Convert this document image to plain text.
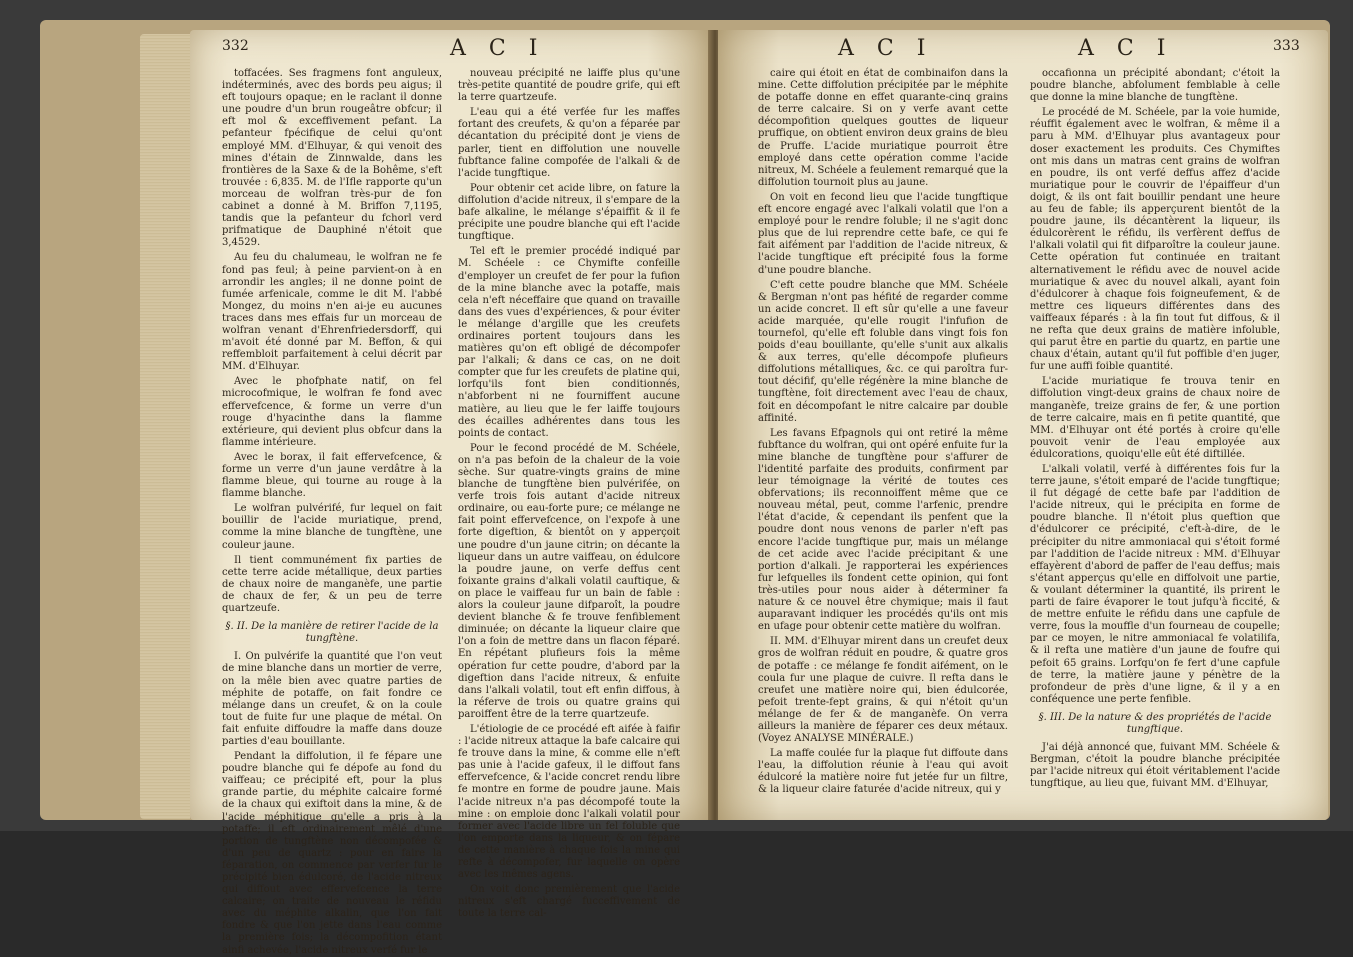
332	A C I

toffacées. Ses fragmens font anguleux, indéterminés, avec des bords peu aigus; il eft toujours opaque; en le raclant il donne une poudre d'un brun rougeâtre obfcur; il eft mol & exceffivement pefant. La pefanteur fpécifique de celui qu'ont employé MM. d'Elhuyar, & qui venoit des mines d'étain de Zinnwalde, dans les frontières de la Saxe & de la Bohême, s'eft trouvée : 6,835. M. de l'Ifle rapporte qu'un morceau de wolfran très-pur de fon cabinet a donné à M. Briffon 7,1195, tandis que la pefanteur du fchorl verd prifmatique de Dauphiné n'étoit que 3,4529.

Au feu du chalumeau, le wolfran ne fe fond pas feul; à peine parvient-on à en arrondir les angles; il ne donne point de fumée arfenicale, comme le dit M. l'abbé Mongez, du moins n'en ai-je eu aucunes traces dans mes effais fur un morceau de wolfran venant d'Ehrenfriedersdorff, qui m'avoit été donné par M. Beffon, & qui reffembloit parfaitement à celui décrit par MM. d'Elhuyar.

Avec le phofphate natif, on fel microcofmique, le wolfran fe fond avec effervefcence, & forme un verre d'un rouge d'hyacinthe dans la flamme extérieure, qui devient plus obfcur dans la flamme intérieure.

Avec le borax, il fait effervefcence, & forme un verre d'un jaune verdâtre à la flamme bleue, qui tourne au rouge à la flamme blanche.

Le wolfran pulvérifé, fur lequel on fait bouillir de l'acide muriatique, prend, comme la mine blanche de tungftène, une couleur jaune.

Il tient communément fix parties de cette terre acide métallique, deux parties de chaux noire de manganèfe, une partie de chaux de fer, & un peu de terre quartzeufe.

§. II. De la manière de retirer l'acide de la tungftène.

I. On pulvérife la quantité que l'on veut de mine blanche dans un mortier de verre, on la mêle bien avec quatre parties de méphite de potaffe, on fait fondre ce mélange dans un creufet, & on la coule tout de fuite fur une plaque de métal. On fait enfuite diffoudre la maffe dans douze parties d'eau bouillante.

Pendant la diffolution, il fe fépare une poudre blanche qui fe dépofe au fond du vaiffeau; ce précipité eft, pour la plus grande partie, du méphite calcaire formé de la chaux qui exiftoit dans la mine, & de l'acide méphitique qu'elle a pris à la potaffe; il eft ordinairement mêlé d'une portion de tungftène non décompofée & d'un peu de quartz : pour en faire la féparation, on commence par verfer fur le précipité bien édulcoré, de l'acide nitreux qui diffout avec effervefcence la terre calcaire; on traite de nouveau le réfidu avec du méphite alkalin, que l'on fait fondre & que l'on jette dans l'eau comme la première fois; la décompofition étant ainfi achevée, l'acide nitreux verfé fur le

nouveau précipité ne laiffe plus qu'une très-petite quantité de poudre grife, qui eft la terre quartzeufe.

L'eau qui a été verfée fur les maffes fortant des creufets, & qu'on a féparée par décantation du précipité dont je viens de parler, tient en diffolution une nouvelle fubftance faline compofée de l'alkali & de l'acide tungftique.

Pour obtenir cet acide libre, on fature la diffolution d'acide nitreux, il s'empare de la bafe alkaline, le mélange s'épaiffit & il fe précipite une poudre blanche qui eft l'acide tungftique.

Tel eft le premier procédé indiqué par M. Schéele : ce Chymifte confeille d'employer un creufet de fer pour la fufion de la mine blanche avec la potaffe, mais cela n'eft néceffaire que quand on travaille dans des vues d'expériences, & pour éviter le mélange d'argille que les creufets ordinaires portent toujours dans les matières qu'on eft obligé de décompofer par l'alkali; & dans ce cas, on ne doit compter que fur les creufets de platine qui, lorfqu'ils font bien conditionnés, n'abforbent ni ne fourniffent aucune matière, au lieu que le fer laiffe toujours des écailles adhérentes dans tous les points de contact.

Pour le fecond procédé de M. Schéele, on n'a pas befoin de la chaleur de la voie sèche. Sur quatre-vingts grains de mine blanche de tungftène bien pulvérifée, on verfe trois fois autant d'acide nitreux ordinaire, ou eau-forte pure; ce mélange ne fait point effervefcence, on l'expofe à une forte digeftion, & bientôt on y apperçoit une poudre d'un jaune citrin; on décante la liqueur dans un autre vaiffeau, on édulcore la poudre jaune, on verfe deffus cent foixante grains d'alkali volatil cauftique, & on place le vaiffeau fur un bain de fable : alors la couleur jaune difparoît, la poudre devient blanche & fe trouve fenfiblement diminuée; on décante la liqueur claire que l'on a foin de mettre dans un flacon féparé. En répétant plufieurs fois la même opération fur cette poudre, d'abord par la digeftion dans l'acide nitreux, & enfuite dans l'alkali volatil, tout eft enfin diffous, à la réferve de trois ou quatre grains qui paroiffent être de la terre quartzeufe.

L'étiologie de ce procédé eft aifée à faifir : l'acide nitreux attaque la bafe calcaire qui fe trouve dans la mine, & comme elle n'eft pas unie à l'acide gafeux, il le diffout fans effervefcence, & l'acide concret rendu libre fe montre en forme de poudre jaune. Mais l'acide nitreux n'a pas décompofé toute la mine : on emploie donc l'alkali volatil pour former avec l'acide libre un fel foluble que l'on emporte dans la liqueur, & on fépare de cette manière à chaque fois la mine qui refte à décompofer, fur laquelle on opère avec les mêmes agens.

On voit donc premièrement que l'acide nitreux s'eft chargé fucceffivement de toute la terre cal-

A C I	A C I	333

caire qui étoit en état de combinaifon dans la mine. Cette diffolution précipitée par le méphite de potaffe donne en effet quarante-cinq grains de terre calcaire. Si on y verfe avant cette décompofition quelques gouttes de liqueur pruffique, on obtient environ deux grains de bleu de Pruffe. L'acide muriatique pourroit être employé dans cette opération comme l'acide nitreux, M. Schéele a feulement remarqué que la diffolution tournoit plus au jaune.

On voit en fecond lieu que l'acide tungftique eft encore engagé avec l'alkali volatil que l'on a employé pour le rendre foluble; il ne s'agit donc plus que de lui reprendre cette bafe, ce qui fe fait aifément par l'addition de l'acide nitreux, & l'acide tungftique eft précipité fous la forme d'une poudre blanche.

C'eft cette poudre blanche que MM. Schéele & Bergman n'ont pas héfité de regarder comme un acide concret. Il eft sûr qu'elle a une faveur acide marquée, qu'elle rougit l'infufion de tournefol, qu'elle eft foluble dans vingt fois fon poids d'eau bouillante, qu'elle s'unit aux alkalis & aux terres, qu'elle décompofe plufieurs diffolutions métalliques, &c. ce qui paroîtra fur-tout décifif, qu'elle régénère la mine blanche de tungftène, foit directement avec l'eau de chaux, foit en décompofant le nitre calcaire par double affinité.

Les favans Efpagnols qui ont retiré la même fubftance du wolfran, qui ont opéré enfuite fur la mine blanche de tungftène pour s'affurer de l'identité parfaite des produits, confirment par leur témoignage la vérité de toutes ces obfervations; ils reconnoiffent même que ce nouveau métal, peut, comme l'arfenic, prendre l'état d'acide, & cependant ils penfent que la poudre dont nous venons de parler n'eft pas encore l'acide tungftique pur, mais un mélange de cet acide avec l'acide précipitant & une portion d'alkali. Je rapporterai les expériences fur lefquelles ils fondent cette opinion, qui font très-utiles pour nous aider à déterminer fa nature & ce nouvel être chymique; mais il faut auparavant indiquer les procédés qu'ils ont mis en ufage pour obtenir cette matière du wolfran.

II. MM. d'Elhuyar mirent dans un creufet deux gros de wolfran réduit en poudre, & quatre gros de potaffe : ce mélange fe fondit aifément, on le coula fur une plaque de cuivre. Il refta dans le creufet une matière noire qui, bien édulcorée, pefoit trente-fept grains, & qui n'étoit qu'un mélange de fer & de manganèfe. On verra ailleurs la manière de féparer ces deux métaux. (Voyez ANALYSE MINÉRALE.)

La maffe coulée fur la plaque fut diffoute dans l'eau, la diffolution réunie à l'eau qui avoit édulcoré la matière noire fut jetée fur un filtre, & la liqueur claire faturée d'acide nitreux, qui y

occafionna un précipité abondant; c'étoit la poudre blanche, abfolument femblable à celle que donne la mine blanche de tungftène.

Le procédé de M. Schéele, par la voie humide, réuffit également avec le wolfran, & même il a paru à MM. d'Elhuyar plus avantageux pour doser exactement les produits. Ces Chymiftes ont mis dans un matras cent grains de wolfran en poudre, ils ont verfé deffus affez d'acide muriatique pour le couvrir de l'épaiffeur d'un doigt, & ils ont fait bouillir pendant une heure au feu de fable; ils apperçurent bientôt de la poudre jaune, ils décantèrent la liqueur, ils édulcorèrent le réfidu, ils verfèrent deffus de l'alkali volatil qui fit difparoître la couleur jaune. Cette opération fut continuée en traitant alternativement le réfidu avec de nouvel acide muriatique & avec du nouvel alkali, ayant foin d'édulcorer à chaque fois foigneufement, & de mettre ces liqueurs différentes dans des vaiffeaux féparés : à la fin tout fut diffous, & il ne refta que deux grains de matière infoluble, qui parut être en partie du quartz, en partie une chaux d'étain, autant qu'il fut poffible d'en juger, fur une auffi foible quantité.

L'acide muriatique fe trouva tenir en diffolution vingt-deux grains de chaux noire de manganèfe, treize grains de fer, & une portion de terre calcaire, mais en fi petite quantité, que MM. d'Elhuyar ont été portés à croire qu'elle pouvoit venir de l'eau employée aux édulcorations, quoiqu'elle eût été diftillée.

L'alkali volatil, verfé à différentes fois fur la terre jaune, s'étoit emparé de l'acide tungftique; il fut dégagé de cette bafe par l'addition de l'acide nitreux, qui le précipita en forme de poudre blanche. Il n'étoit plus queftion que d'édulcorer ce précipité, c'eft-à-dire, de le précipiter du nitre ammoniacal qui s'étoit formé par l'addition de l'acide nitreux : MM. d'Elhuyar effayèrent d'abord de paffer de l'eau deffus; mais s'étant apperçus qu'elle en diffolvoit une partie, & voulant déterminer la quantité, ils prirent le parti de faire évaporer le tout jufqu'à ficcité, & de mettre enfuite le réfidu dans une capfule de verre, fous la mouffle d'un fourneau de coupelle; par ce moyen, le nitre ammoniacal fe volatilifa, & il refta une matière d'un jaune de foufre qui pefoit 65 grains. Lorfqu'on fe fert d'une capfule de terre, la matière jaune y pénètre de la profondeur de près d'une ligne, & il y a en conféquence une perte fenfible.

§. III. De la nature & des propriétés de l'acide tungftique.

J'ai déjà annoncé que, fuivant MM. Schéele & Bergman, c'étoit la poudre blanche précipitée par l'acide nitreux qui étoit véritablement l'acide tungftique, au lieu que, fuivant MM. d'Elhuyar,
